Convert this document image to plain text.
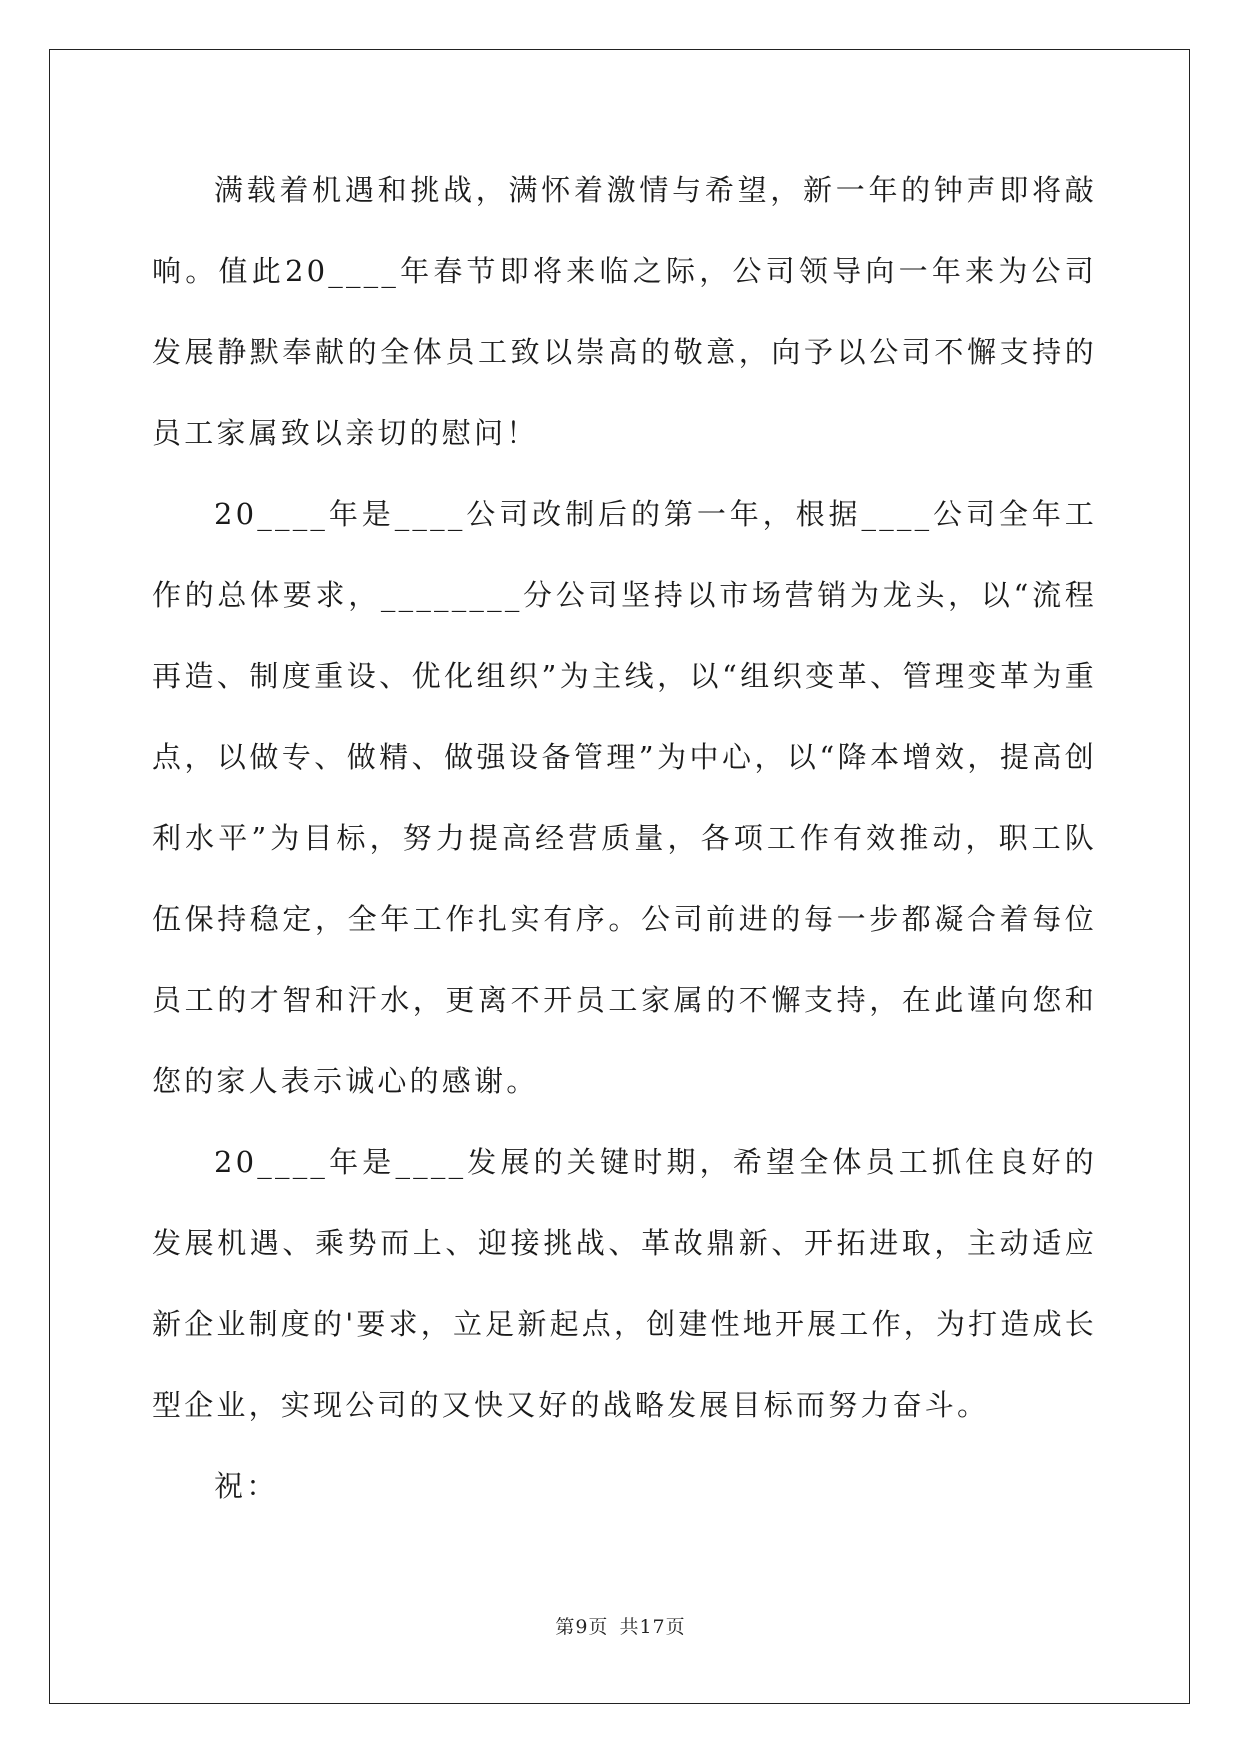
满载着机遇和挑战，满怀着激情与希望，新一年的钟声即将敲响。值此20____年春节即将来临之际，公司领导向一年来为公司发展静默奉献的全体员工致以崇高的敬意，向予以公司不懈支持的员工家属致以亲切的慰问！

20____年是____公司改制后的第一年，根据____公司全年工作的总体要求，________分公司坚持以市场营销为龙头，以“流程再造、制度重设、优化组织”为主线，以“组织变革、管理变革为重点，以做专、做精、做强设备管理”为中心，以“降本增效，提高创利水平”为目标，努力提高经营质量，各项工作有效推动，职工队伍保持稳定，全年工作扎实有序。公司前进的每一步都凝合着每位员工的才智和汗水，更离不开员工家属的不懈支持，在此谨向您和您的家人表示诚心的感谢。

20____年是____发展的关键时期，希望全体员工抓住良好的发展机遇、乘势而上、迎接挑战、革故鼎新、开拓进取，主动适应新企业制度的'要求，立足新起点，创建性地开展工作，为打造成长型企业，实现公司的又快又好的战略发展目标而努力奋斗。

祝：

第9页 共17页
